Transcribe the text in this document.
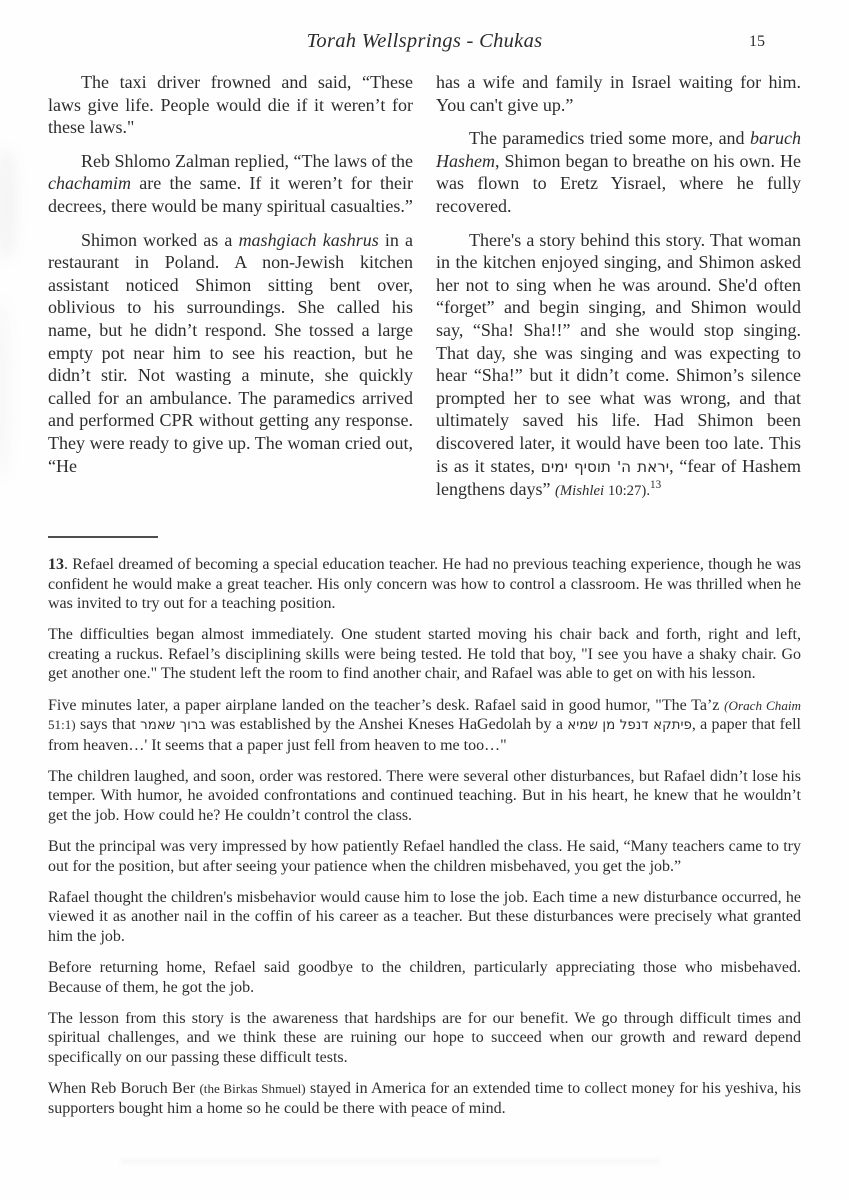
Torah Wellsprings - Chukas	15

The taxi driver frowned and said, “These laws give life. People would die if it weren’t for these laws."

Reb Shlomo Zalman replied, “The laws of the chachamim are the same. If it weren’t for their decrees, there would be many spiritual casualties.”

Shimon worked as a mashgiach kashrus in a restaurant in Poland. A non-Jewish kitchen assistant noticed Shimon sitting bent over, oblivious to his surroundings. She called his name, but he didn’t respond. She tossed a large empty pot near him to see his reaction, but he didn’t stir. Not wasting a minute, she quickly called for an ambulance. The paramedics arrived and performed CPR without getting any response. They were ready to give up. The woman cried out, “He

has a wife and family in Israel waiting for him. You can't give up.”

The paramedics tried some more, and baruch Hashem, Shimon began to breathe on his own. He was flown to Eretz Yisrael, where he fully recovered.

There's a story behind this story. That woman in the kitchen enjoyed singing, and Shimon asked her not to sing when he was around. She'd often “forget” and begin singing, and Shimon would say, “Sha! Sha!!” and she would stop singing. That day, she was singing and was expecting to hear “Sha!” but it didn’t come. Shimon’s silence prompted her to see what was wrong, and that ultimately saved his life. Had Shimon been discovered later, it would have been too late. This is as it states, יראת ה' תוסיף ימים, “fear of Hashem lengthens days” (Mishlei 10:27).$^{13}$

13. Refael dreamed of becoming a special education teacher. He had no previous teaching experience, though he was confident he would make a great teacher. His only concern was how to control a classroom. He was thrilled when he was invited to try out for a teaching position.

The difficulties began almost immediately. One student started moving his chair back and forth, right and left, creating a ruckus. Refael’s disciplining skills were being tested. He told that boy, "I see you have a shaky chair. Go get another one." The student left the room to find another chair, and Rafael was able to get on with his lesson.

Five minutes later, a paper airplane landed on the teacher’s desk. Rafael said in good humor, "The Ta’z (Orach Chaim 51:1) says that ברוך שאמר was established by the Anshei Kneses HaGedolah by a פיתקא דנפל מן שמיא, a paper that fell from heaven…' It seems that a paper just fell from heaven to me too…"

The children laughed, and soon, order was restored. There were several other disturbances, but Rafael didn’t lose his temper. With humor, he avoided confrontations and continued teaching. But in his heart, he knew that he wouldn’t get the job. How could he? He couldn’t control the class.

But the principal was very impressed by how patiently Refael handled the class. He said, “Many teachers came to try out for the position, but after seeing your patience when the children misbehaved, you get the job.”

Rafael thought the children's misbehavior would cause him to lose the job. Each time a new disturbance occurred, he viewed it as another nail in the coffin of his career as a teacher. But these disturbances were precisely what granted him the job.

Before returning home, Refael said goodbye to the children, particularly appreciating those who misbehaved. Because of them, he got the job.

The lesson from this story is the awareness that hardships are for our benefit. We go through difficult times and spiritual challenges, and we think these are ruining our hope to succeed when our growth and reward depend specifically on our passing these difficult tests.

When Reb Boruch Ber (the Birkas Shmuel) stayed in America for an extended time to collect money for his yeshiva, his supporters bought him a home so he could be there with peace of mind.
